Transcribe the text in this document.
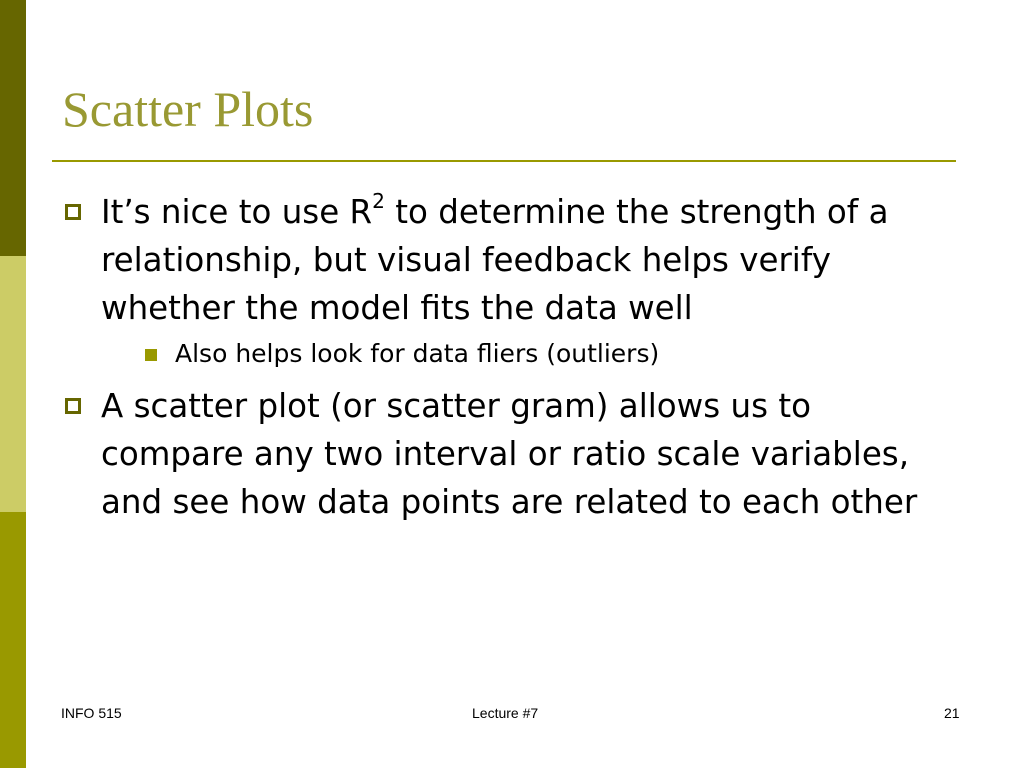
Scatter Plots

It’s nice to use $R^2$ to determine the strength of a relationship, but visual feedback helps verify whether the model fits the data well

Also helps look for data fliers (outliers)

A scatter plot (or scatter gram) allows us to compare any two interval or ratio scale variables, and see how data points are related to each other

INFO 515	Lecture #7	21
